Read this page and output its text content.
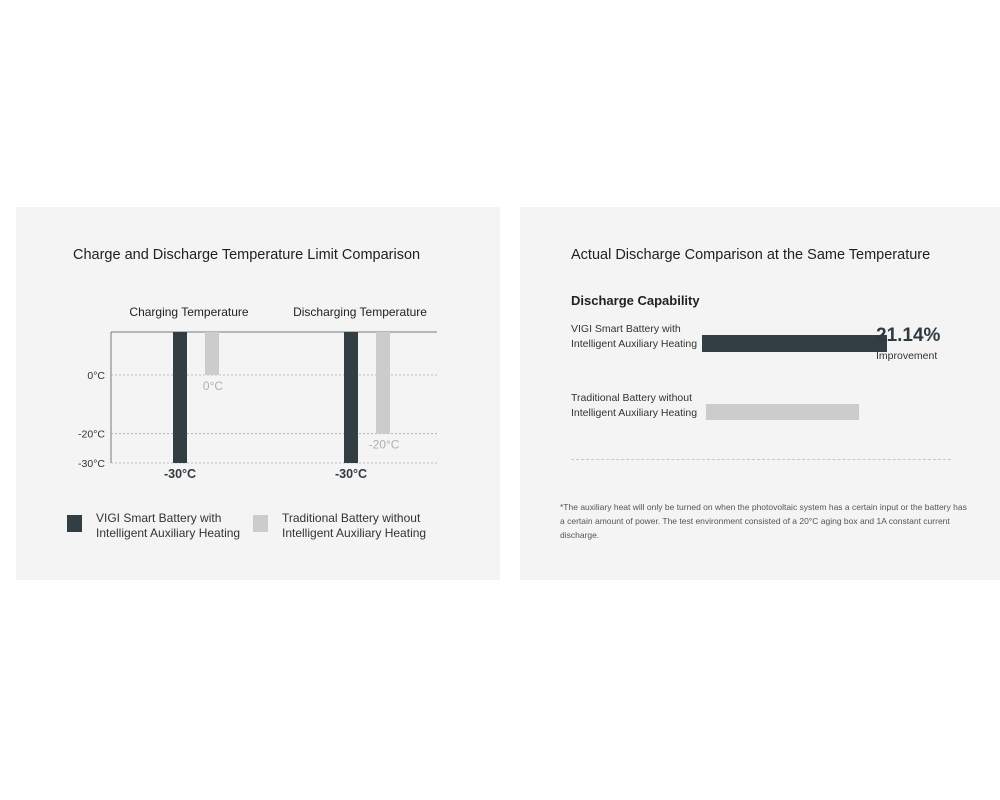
Charge and Discharge Temperature Limit Comparison
0°C
-20°C
-30°C
Charging Temperature
-30°C
0°C
Discharging Temperature
-30°C
-20°C
VIGI Smart Battery with Intelligent Auxiliary Heating
Traditional Battery without Intelligent Auxiliary Heating
Actual Discharge Comparison at the Same Temperature
Discharge Capability
VIGI Smart Battery with Intelligent Auxiliary Heating	21.14%
Improvement
Traditional Battery without Intelligent Auxiliary Heating
*The auxiliary heat will only be turned on when the photovoltaic system has a certain input or the battery has a certain amount of power. The test environment consisted of a 20°C aging box and 1A constant current discharge.
